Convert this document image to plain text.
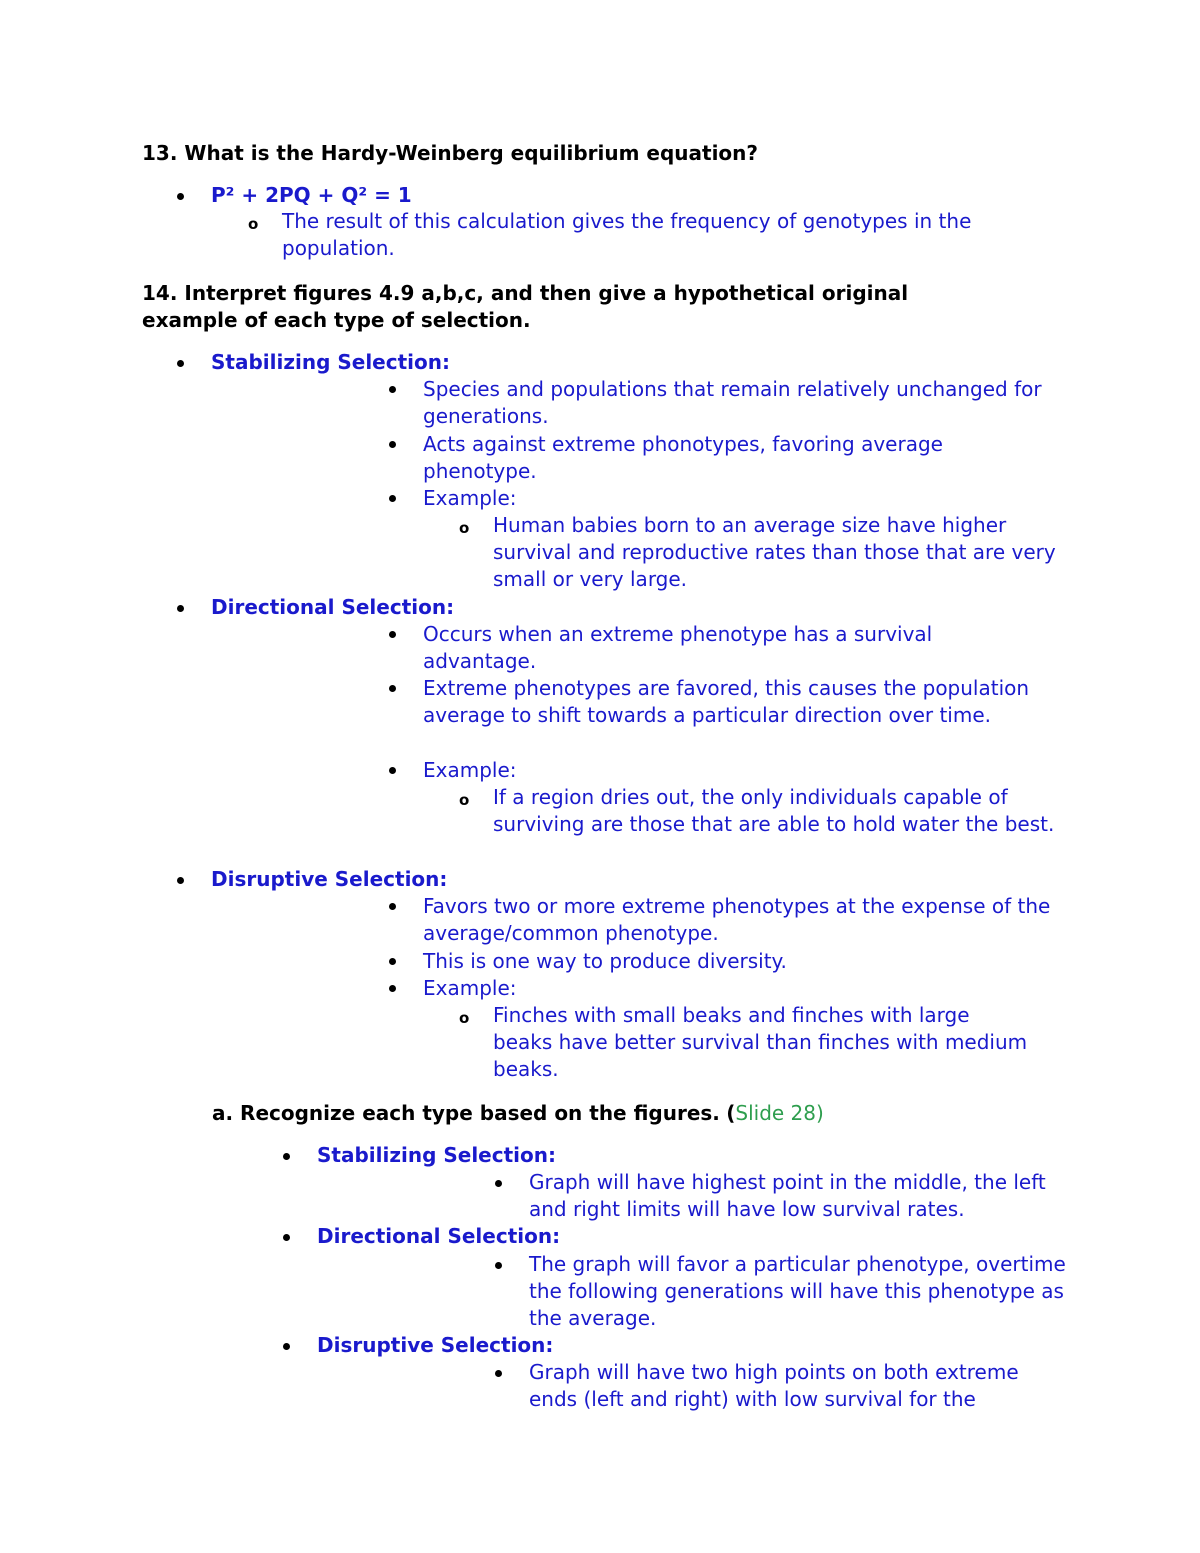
13. What is the Hardy-Weinberg equilibrium equation?

P² + 2PQ + Q² = 1

o The result of this calculation gives the frequency of genotypes in the population.

14. Interpret figures 4.9 a,b,c, and then give a hypothetical original example of each type of selection.

Stabilizing Selection:

Species and populations that remain relatively unchanged for generations.

Acts against extreme phonotypes, favoring average phenotype.

Example:

o Human babies born to an average size have higher survival and reproductive rates than those that are very small or very large.

Directional Selection:

Occurs when an extreme phenotype has a survival advantage.

Extreme phenotypes are favored, this causes the population average to shift towards a particular direction over time.

Example:

o If a region dries out, the only individuals capable of surviving are those that are able to hold water the best.

Disruptive Selection:

Favors two or more extreme phenotypes at the expense of the average/common phenotype.

This is one way to produce diversity.

Example:

o Finches with small beaks and finches with large beaks have better survival than finches with medium beaks.

a. Recognize each type based on the figures. (Slide 28)

Stabilizing Selection:

Graph will have highest point in the middle, the left and right limits will have low survival rates.

Directional Selection:

The graph will favor a particular phenotype, overtime the following generations will have this phenotype as the average.

Disruptive Selection:

Graph will have two high points on both extreme ends (left and right) with low survival for the
